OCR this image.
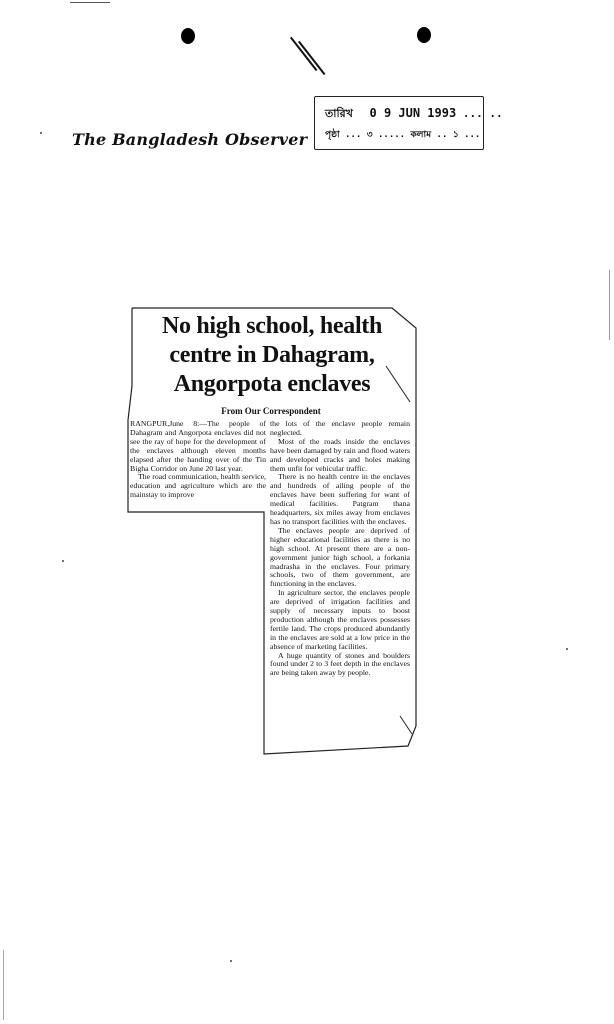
The Bangladesh Observer
তারিখ 0 9 JUN 1993 ... ..
পৃষ্ঠা ... ৩ ..... কলাম .. ১ ...
No high school, health
centre in Dahagram,
Angorpota enclaves
From Our Correspondent

RANGPUR,June 8:—The people of Dahagram and Angorpota enclaves did not see the ray of hope for the development of the enclaves although eleven months elapsed after the handing over of the Tin Bigha Corridor on June 20 last year.

The road communication, health service, education and agriculture which are the mainstay to improve

the lots of the enclave people remain neglected.

Most of the roads inside the enclaves have been damaged by rain and flood waters and developed cracks and holes making them unfit for vehicular traffic.

There is no health centre in the enclaves and hundreds of ailing people of the enclaves have been suffering for want of medical facilities. Patgram thana headquarters, six miles away from enclaves has no transport facilities with the enclaves.

The enclaves people are deprived of higher educational facilities as there is no high school. At present there are a non-government junior high school, a forkania madrasha in the enclaves. Four primary schools, two of them government, are functioning in the enclaves.

In agriculture sector, the enclaves people are deprived of irrigation facilities and supply of necessary inputs to boost production although the enclaves possesses fertile land. The crops produced abundantly in the enclaves are sold at a low price in the absence of marketing facilities.

A huge quantity of stones and boulders found under 2 to 3 feet depth in the enclaves are being taken away by people.
